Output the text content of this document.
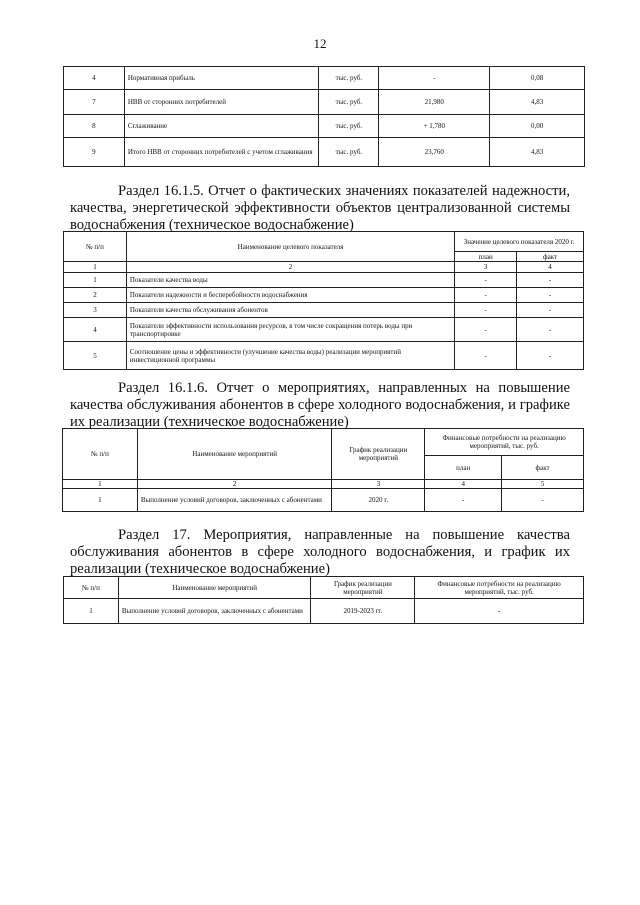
12
4	Нормативная прибыль	тыс. руб.	-	0,08
7	НВВ от сторонних потребителей	тыс. руб.	21,980	4,83
8	Сглаживание	тыс. руб.	+ 1,780	0,00
9	Итого НВВ от сторонних потребителей с учетом сглаживания	тыс. руб.	23,760	4,83
Раздел 16.1.5. Отчет о фактических значениях показателей надежности,
качества, энергетической эффективности объектов централизованной системы
водоснабжения (техническое водоснабжение)
№ п/п	Наименование целевого показателя	Значение целевого показателя 2020 г.	
		план	факт
1	2	3	4
1	Показатели качества воды	-	-
2	Показатели надежности и бесперебойности водоснабжения	-	-
3	Показатели качества обслуживания абонентов	-	-
4	Показатели эффективности использования ресурсов, в том числе сокращения потерь воды при транспортировке	-	-
5	Соотношение цены и эффективности (улучшение качества воды) реализации мероприятий инвестиционной программы	-	-
Раздел 16.1.6. Отчет о мероприятиях, направленных на повышение
качества обслуживания абонентов в сфере холодного водоснабжения, и графике
их реализации (техническое водоснабжение)
№ п/п	Наименование мероприятий	График реализации мероприятий	Финансовые потребности на реализацию мероприятий, тыс. руб.	
			план	факт
1	2	3	4	5
1	Выполнение условий договоров, заключенных с абонентами	2020 г.	-	-
Раздел 17. Мероприятия, направленные на повышение качества
обслуживания абонентов в сфере холодного водоснабжения, и график их
реализации (техническое водоснабжение)
№ п/п	Наименование мероприятий	График реализации мероприятий	Финансовые потребности на реализацию мероприятий, тыс. руб.
1	Выполнение условий договоров, заключенных с абонентами	2019-2023 гг.	-
